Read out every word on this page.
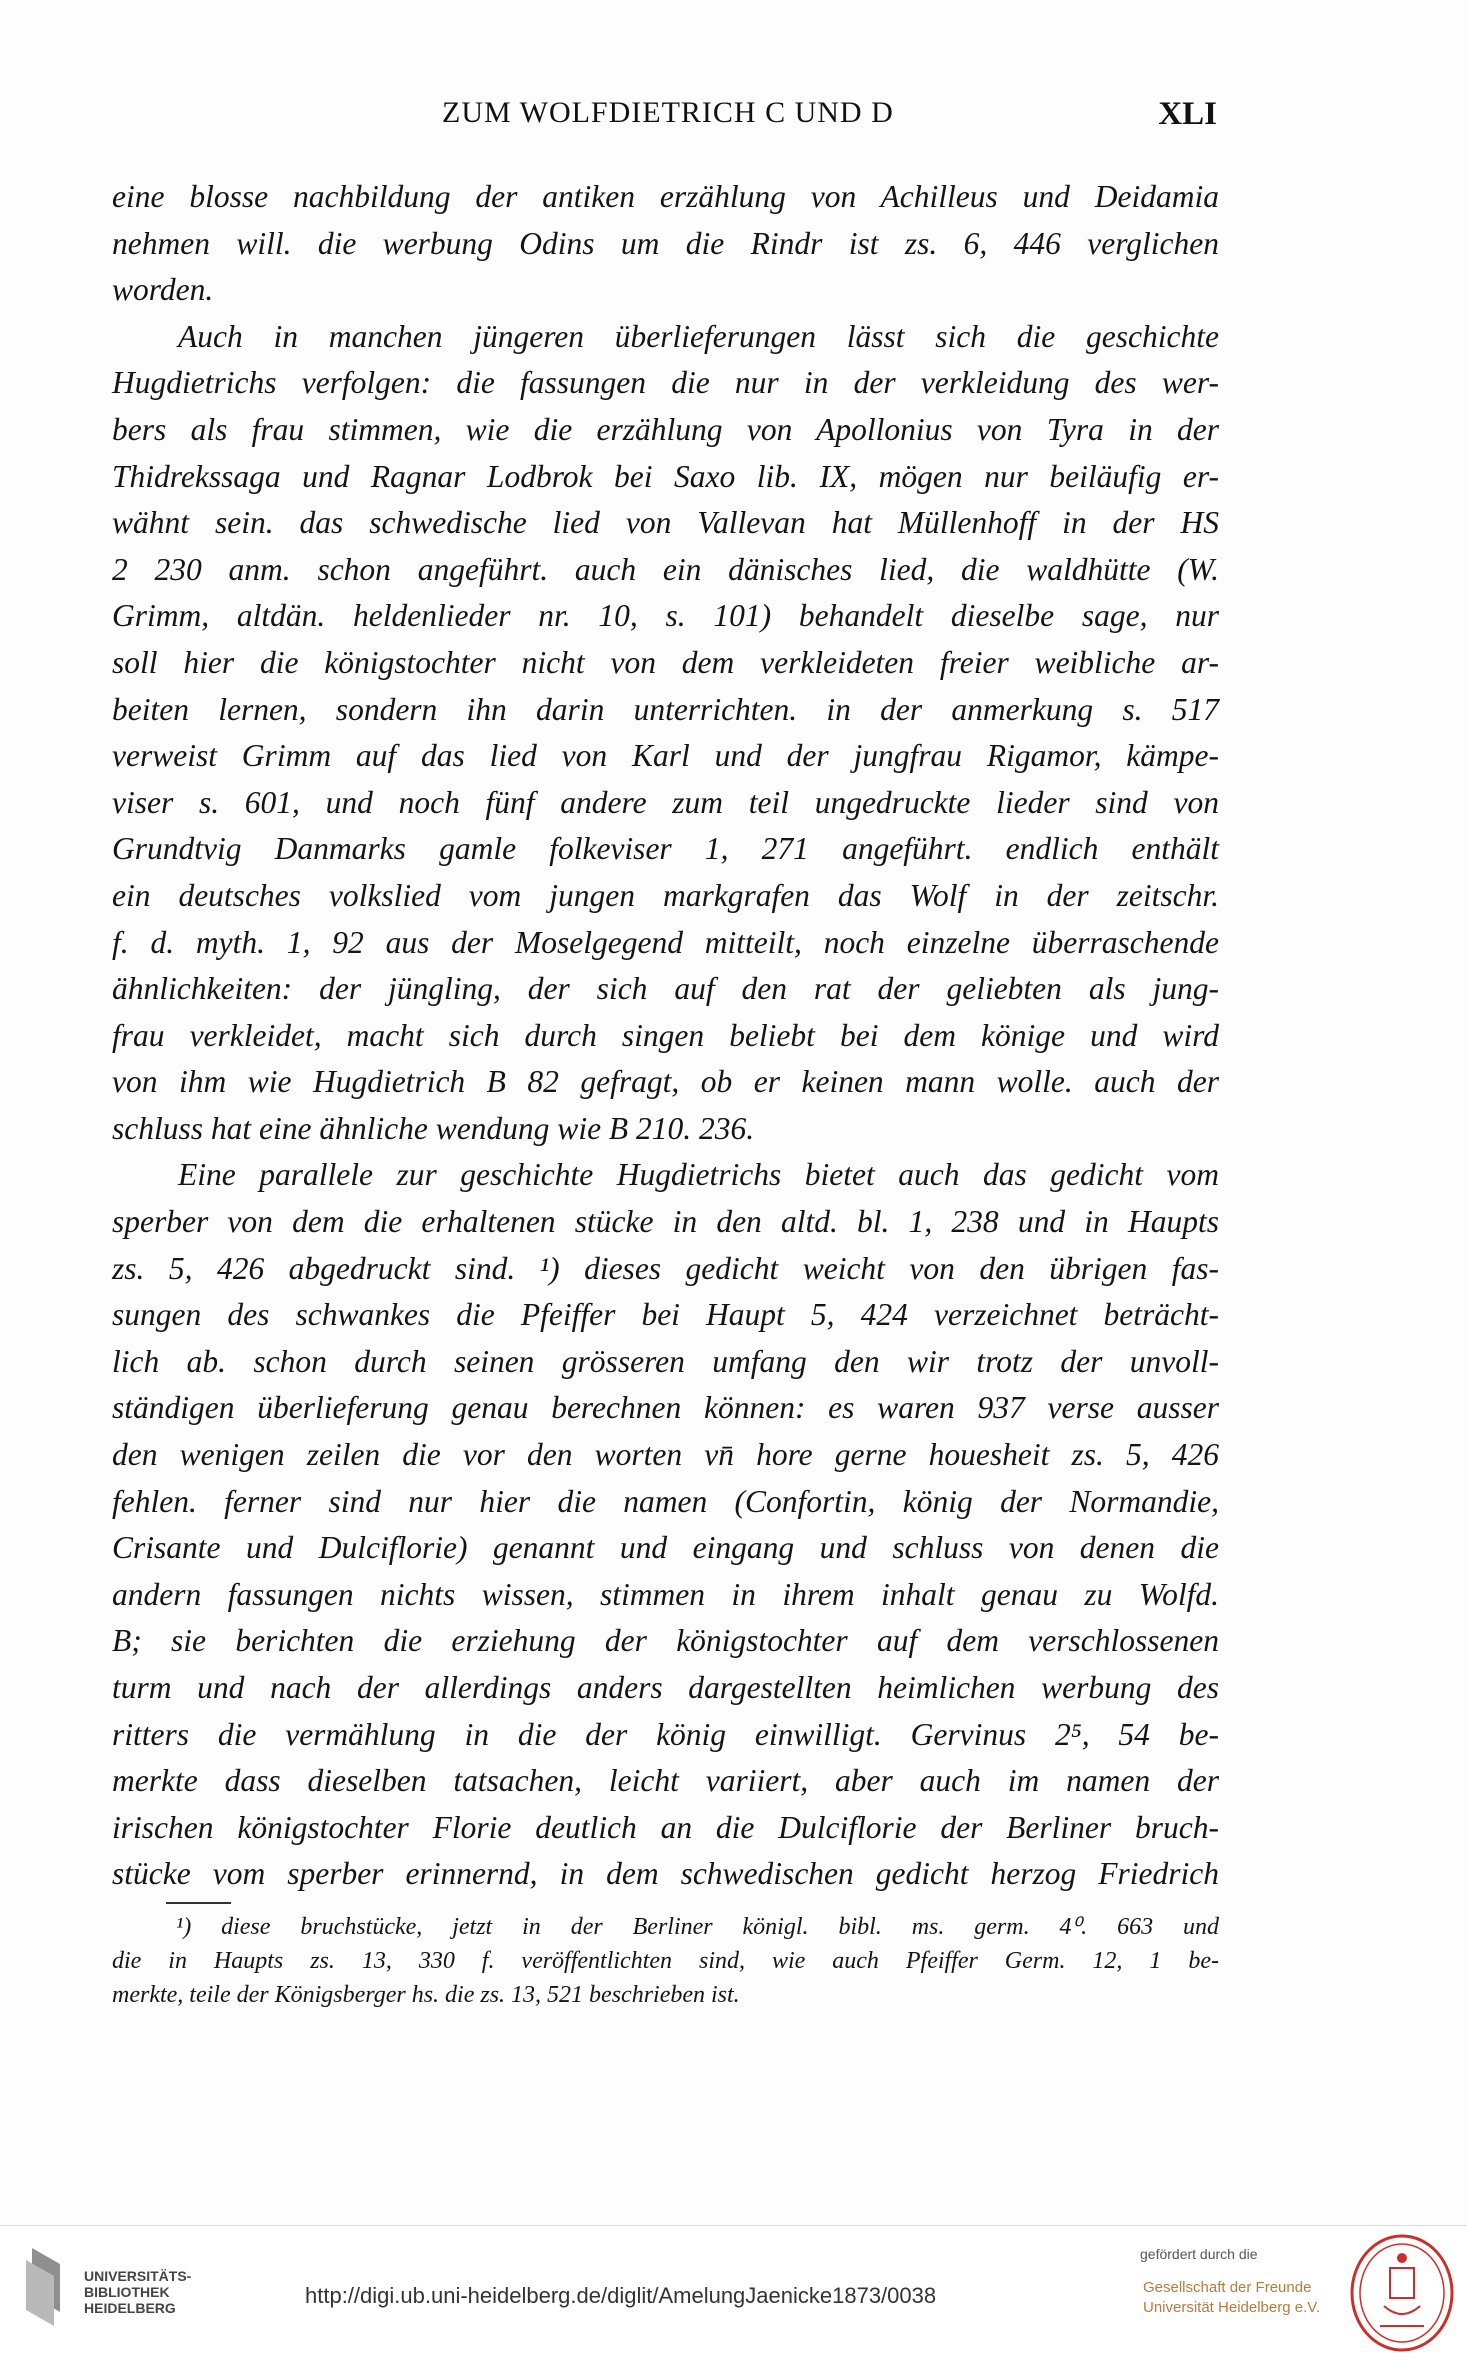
ZUM WOLFDIETRICH C UND D	XLI
eine blosse nachbildung der antiken erzählung von Achilleus und Deidamia
nehmen will. die werbung Odins um die Rindr ist zs. 6, 446 verglichen
worden.
Auch in manchen jüngeren überlieferungen lässt sich die geschichte
Hugdietrichs verfolgen: die fassungen die nur in der verkleidung des wer-
bers als frau stimmen, wie die erzählung von Apollonius von Tyra in der
Thidrekssaga und Ragnar Lodbrok bei Saxo lib. IX, mögen nur beiläufig er-
wähnt sein. das schwedische lied von Vallevan hat Müllenhoff in der HS
2 230 anm. schon angeführt. auch ein dänisches lied, die waldhütte (W.
Grimm, altdän. heldenlieder nr. 10, s. 101) behandelt dieselbe sage, nur
soll hier die königstochter nicht von dem verkleideten freier weibliche ar-
beiten lernen, sondern ihn darin unterrichten. in der anmerkung s. 517
verweist Grimm auf das lied von Karl und der jungfrau Rigamor, kämpe-
viser s. 601, und noch fünf andere zum teil ungedruckte lieder sind von
Grundtvig Danmarks gamle folkeviser 1, 271 angeführt. endlich enthält
ein deutsches volkslied vom jungen markgrafen das Wolf in der zeitschr.
f. d. myth. 1, 92 aus der Moselgegend mitteilt, noch einzelne überraschende
ähnlichkeiten: der jüngling, der sich auf den rat der geliebten als jung-
frau verkleidet, macht sich durch singen beliebt bei dem könige und wird
von ihm wie Hugdietrich B 82 gefragt, ob er keinen mann wolle. auch der
schluss hat eine ähnliche wendung wie B 210. 236.
Eine parallele zur geschichte Hugdietrichs bietet auch das gedicht vom
sperber von dem die erhaltenen stücke in den altd. bl. 1, 238 und in Haupts
zs. 5, 426 abgedruckt sind. ¹) dieses gedicht weicht von den übrigen fas-
sungen des schwankes die Pfeiffer bei Haupt 5, 424 verzeichnet beträcht-
lich ab. schon durch seinen grösseren umfang den wir trotz der unvoll-
ständigen überlieferung genau berechnen können: es waren 937 verse ausser
den wenigen zeilen die vor den worten vn̄ hore gerne houesheit zs. 5, 426
fehlen. ferner sind nur hier die namen (Confortin, könig der Normandie,
Crisante und Dulciflorie) genannt und eingang und schluss von denen die
andern fassungen nichts wissen, stimmen in ihrem inhalt genau zu Wolfd.
B; sie berichten die erziehung der königstochter auf dem verschlossenen
turm und nach der allerdings anders dargestellten heimlichen werbung des
ritters die vermählung in die der könig einwilligt. Gervinus 2⁵, 54 be-
merkte dass dieselben tatsachen, leicht variiert, aber auch im namen der
irischen königstochter Florie deutlich an die Dulciflorie der Berliner bruch-
stücke vom sperber erinnernd, in dem schwedischen gedicht herzog Friedrich
¹) diese bruchstücke, jetzt in der Berliner königl. bibl. ms. germ. 4⁰. 663 und
die in Haupts zs. 13, 330 f. veröffentlichten sind, wie auch Pfeiffer Germ. 12, 1 be-
merkte, teile der Königsberger hs. die zs. 13, 521 beschrieben ist.
UNIVERSITÄTS-
BIBLIOTHEK
HEIDELBERG	http://digi.ub.uni-heidelberg.de/diglit/AmelungJaenicke1873/0038
gefördert durch die
Gesellschaft der Freunde
Universität Heidelberg e.V.
